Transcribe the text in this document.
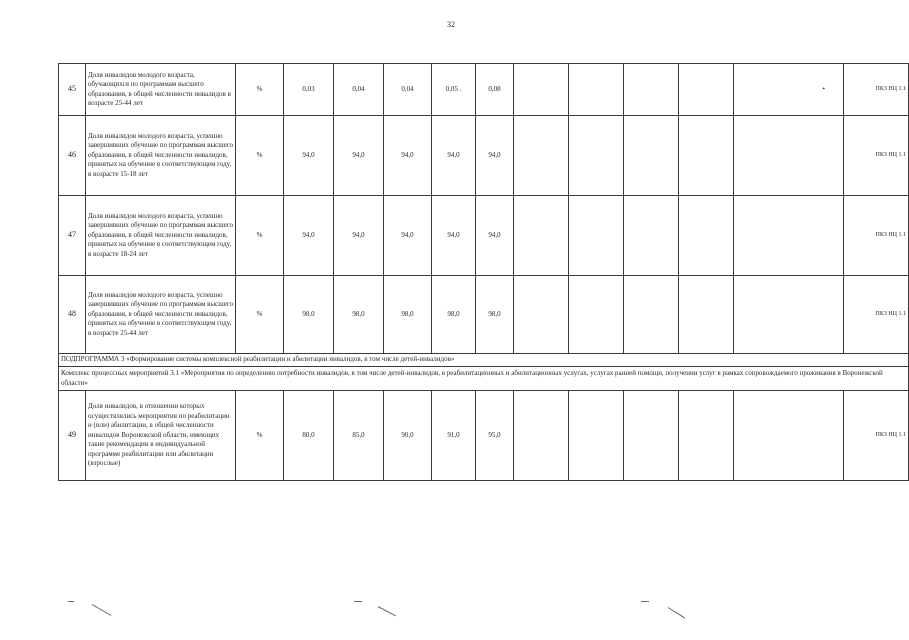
32
45	Доля инвалидов молодого возраста, обучающихся по программам высшего образования, в общей численности инвалидов в возрасте 25-44 лет	%	0,03	0,04	0,04	0,05 .	0,08					•	ПКЗ НЦ 1.1
46	Доля инвалидов молодого возраста, успешно завершивших обучение по программам высшего образования, в общей численности инвалидов, принятых на обучение в соответствующем году, в возрасте 15-18 лет	%	94,0	94,0	94,0	94,0	94,0						ПКЗ НЦ 1.1
47	Доля инвалидов молодого возраста, успешно завершивших обучение по программам высшего образования, в общей численности инвалидов, принятых на обучение в соответствующем году, в возрасте 18-24 лет	%	94,0	94,0	94,0	94,0	94,0						ПКЗ НЦ 1.1
48	Доля инвалидов молодого возраста, успешно завершивших обучение по программам высшего образования, в общей численности инвалидов, принятых на обучение в соответствующем году, в возрасте 25-44 лет	%	98,0	98,0	98,0	98,0	98,0						ПКЗ НЦ 1.1
ПОДПРОГРАММА 3 «Формирование системы комплексной реабилитации и абилитации инвалидов, в том числе детей-инвалидов»													
Комплекс процессных мероприятий 3.1 «Мероприятия по определению потребности инвалидов, в том числе детей-инвалидов, в реабилитационных и абилитационных услугах, услугах ранней помощи, получении услуг в рамках сопровождаемого проживания в Воронежской области»													
49	Доля инвалидов, в отношении которых осуществлялись мероприятия по реабилитации и (или) абилитации, в общей численности инвалидов Воронежской области, имеющих такие рекомендации в индивидуальной программе реабилитации или абилитации (взрослые)	%	80,0	85,0	90,0	91,0	95,0						ПКЗ НЦ 1.1
